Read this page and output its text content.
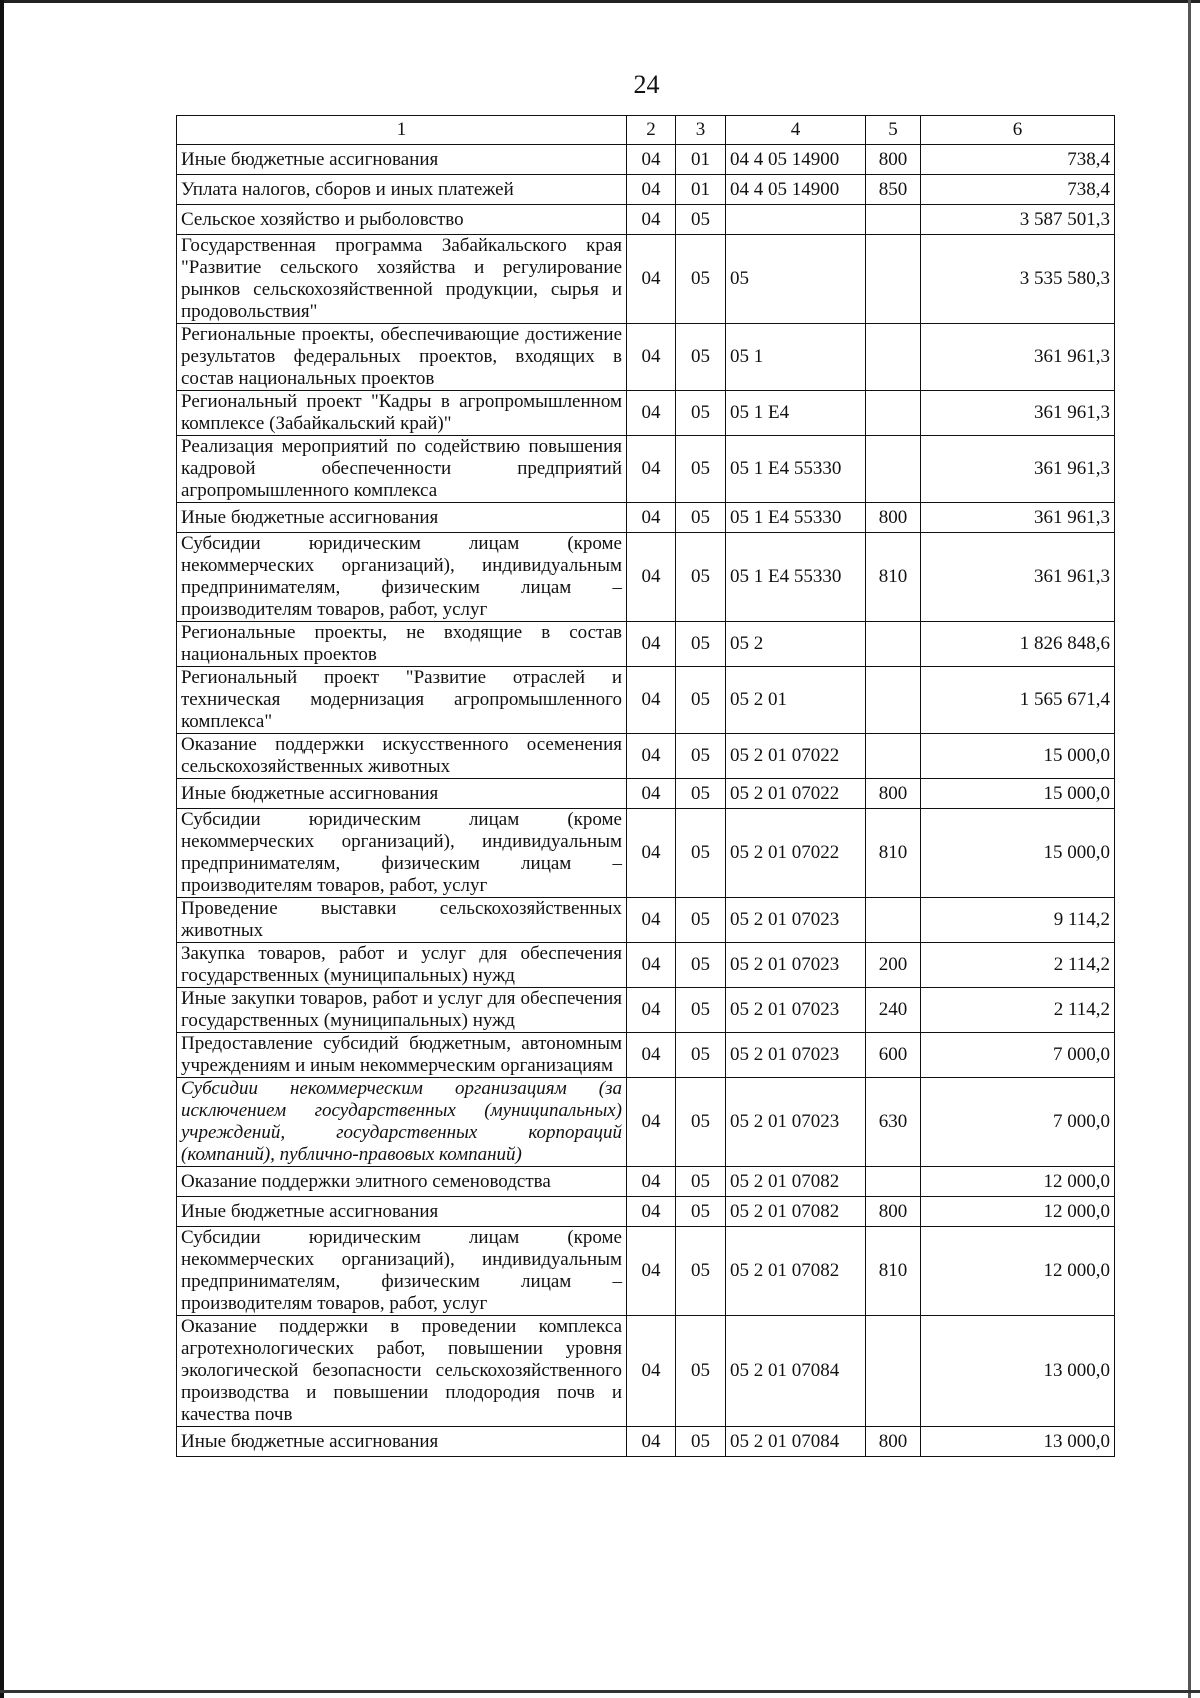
24
1	2	3	4	5	6
Иные бюджетные ассигнования	04	01	04 4 05 14900	800	738,4
Уплата налогов, сборов и иных платежей	04	01	04 4 05 14900	850	738,4
Сельское хозяйство и рыболовство	04	05			3 587 501,3
Государственная программа Забайкальского края "Развитие сельского хозяйства и регулирование рынков сельскохозяйственной продукции, сырья и продовольствия"	04	05	05		3 535 580,3
Региональные проекты, обеспечивающие достижение результатов федеральных проектов, входящих в состав национальных проектов	04	05	05 1		361 961,3
Региональный проект "Кадры в агропромышленном комплексе (Забайкальский край)"	04	05	05 1 Е4		361 961,3
Реализация мероприятий по содействию повышения кадровой обеспеченности предприятий агропромышленного комплекса	04	05	05 1 Е4 55330		361 961,3
Иные бюджетные ассигнования	04	05	05 1 Е4 55330	800	361 961,3
Субсидии юридическим лицам (кроме некоммерческих организаций), индивидуальным предпринимателям, физическим лицам – производителям товаров, работ, услуг	04	05	05 1 Е4 55330	810	361 961,3
Региональные проекты, не входящие в состав национальных проектов	04	05	05 2		1 826 848,6
Региональный проект "Развитие отраслей и техническая модернизация агропромышленного комплекса"	04	05	05 2 01		1 565 671,4
Оказание поддержки искусственного осеменения сельскохозяйственных животных	04	05	05 2 01 07022		15 000,0
Иные бюджетные ассигнования	04	05	05 2 01 07022	800	15 000,0
Субсидии юридическим лицам (кроме некоммерческих организаций), индивидуальным предпринимателям, физическим лицам – производителям товаров, работ, услуг	04	05	05 2 01 07022	810	15 000,0
Проведение выставки сельскохозяйственных животных	04	05	05 2 01 07023		9 114,2
Закупка товаров, работ и услуг для обеспечения государственных (муниципальных) нужд	04	05	05 2 01 07023	200	2 114,2
Иные закупки товаров, работ и услуг для обеспечения государственных (муниципальных) нужд	04	05	05 2 01 07023	240	2 114,2
Предоставление субсидий бюджетным, автономным учреждениям и иным некоммерческим организациям	04	05	05 2 01 07023	600	7 000,0
Субсидии некоммерческим организациям (за исключением государственных (муниципальных) учреждений, государственных корпораций (компаний), публично-правовых компаний)	04	05	05 2 01 07023	630	7 000,0
Оказание поддержки элитного семеноводства	04	05	05 2 01 07082		12 000,0
Иные бюджетные ассигнования	04	05	05 2 01 07082	800	12 000,0
Субсидии юридическим лицам (кроме некоммерческих организаций), индивидуальным предпринимателям, физическим лицам – производителям товаров, работ, услуг	04	05	05 2 01 07082	810	12 000,0
Оказание поддержки в проведении комплекса агротехнологических работ, повышении уровня экологической безопасности сельскохозяйственного производства и повышении плодородия почв и качества почв	04	05	05 2 01 07084		13 000,0
Иные бюджетные ассигнования	04	05	05 2 01 07084	800	13 000,0
